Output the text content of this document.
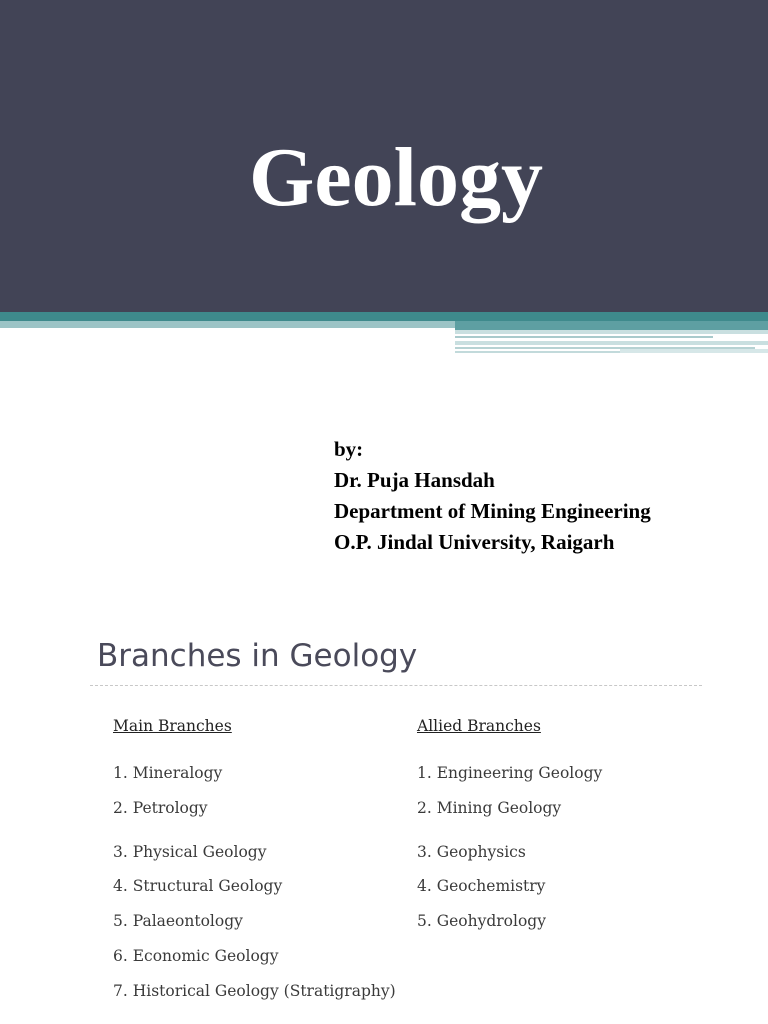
Geology
by:
Dr. Puja Hansdah
Department of Mining Engineering
O.P. Jindal University, Raigarh
Branches in Geology
Main Branches
1. Mineralogy
2. Petrology
3. Physical Geology
4. Structural Geology
5. Palaeontology
6. Economic Geology
7. Historical Geology (Stratigraphy)
Allied Branches
1. Engineering Geology
2. Mining Geology
3. Geophysics
4. Geochemistry
5. Geohydrology
